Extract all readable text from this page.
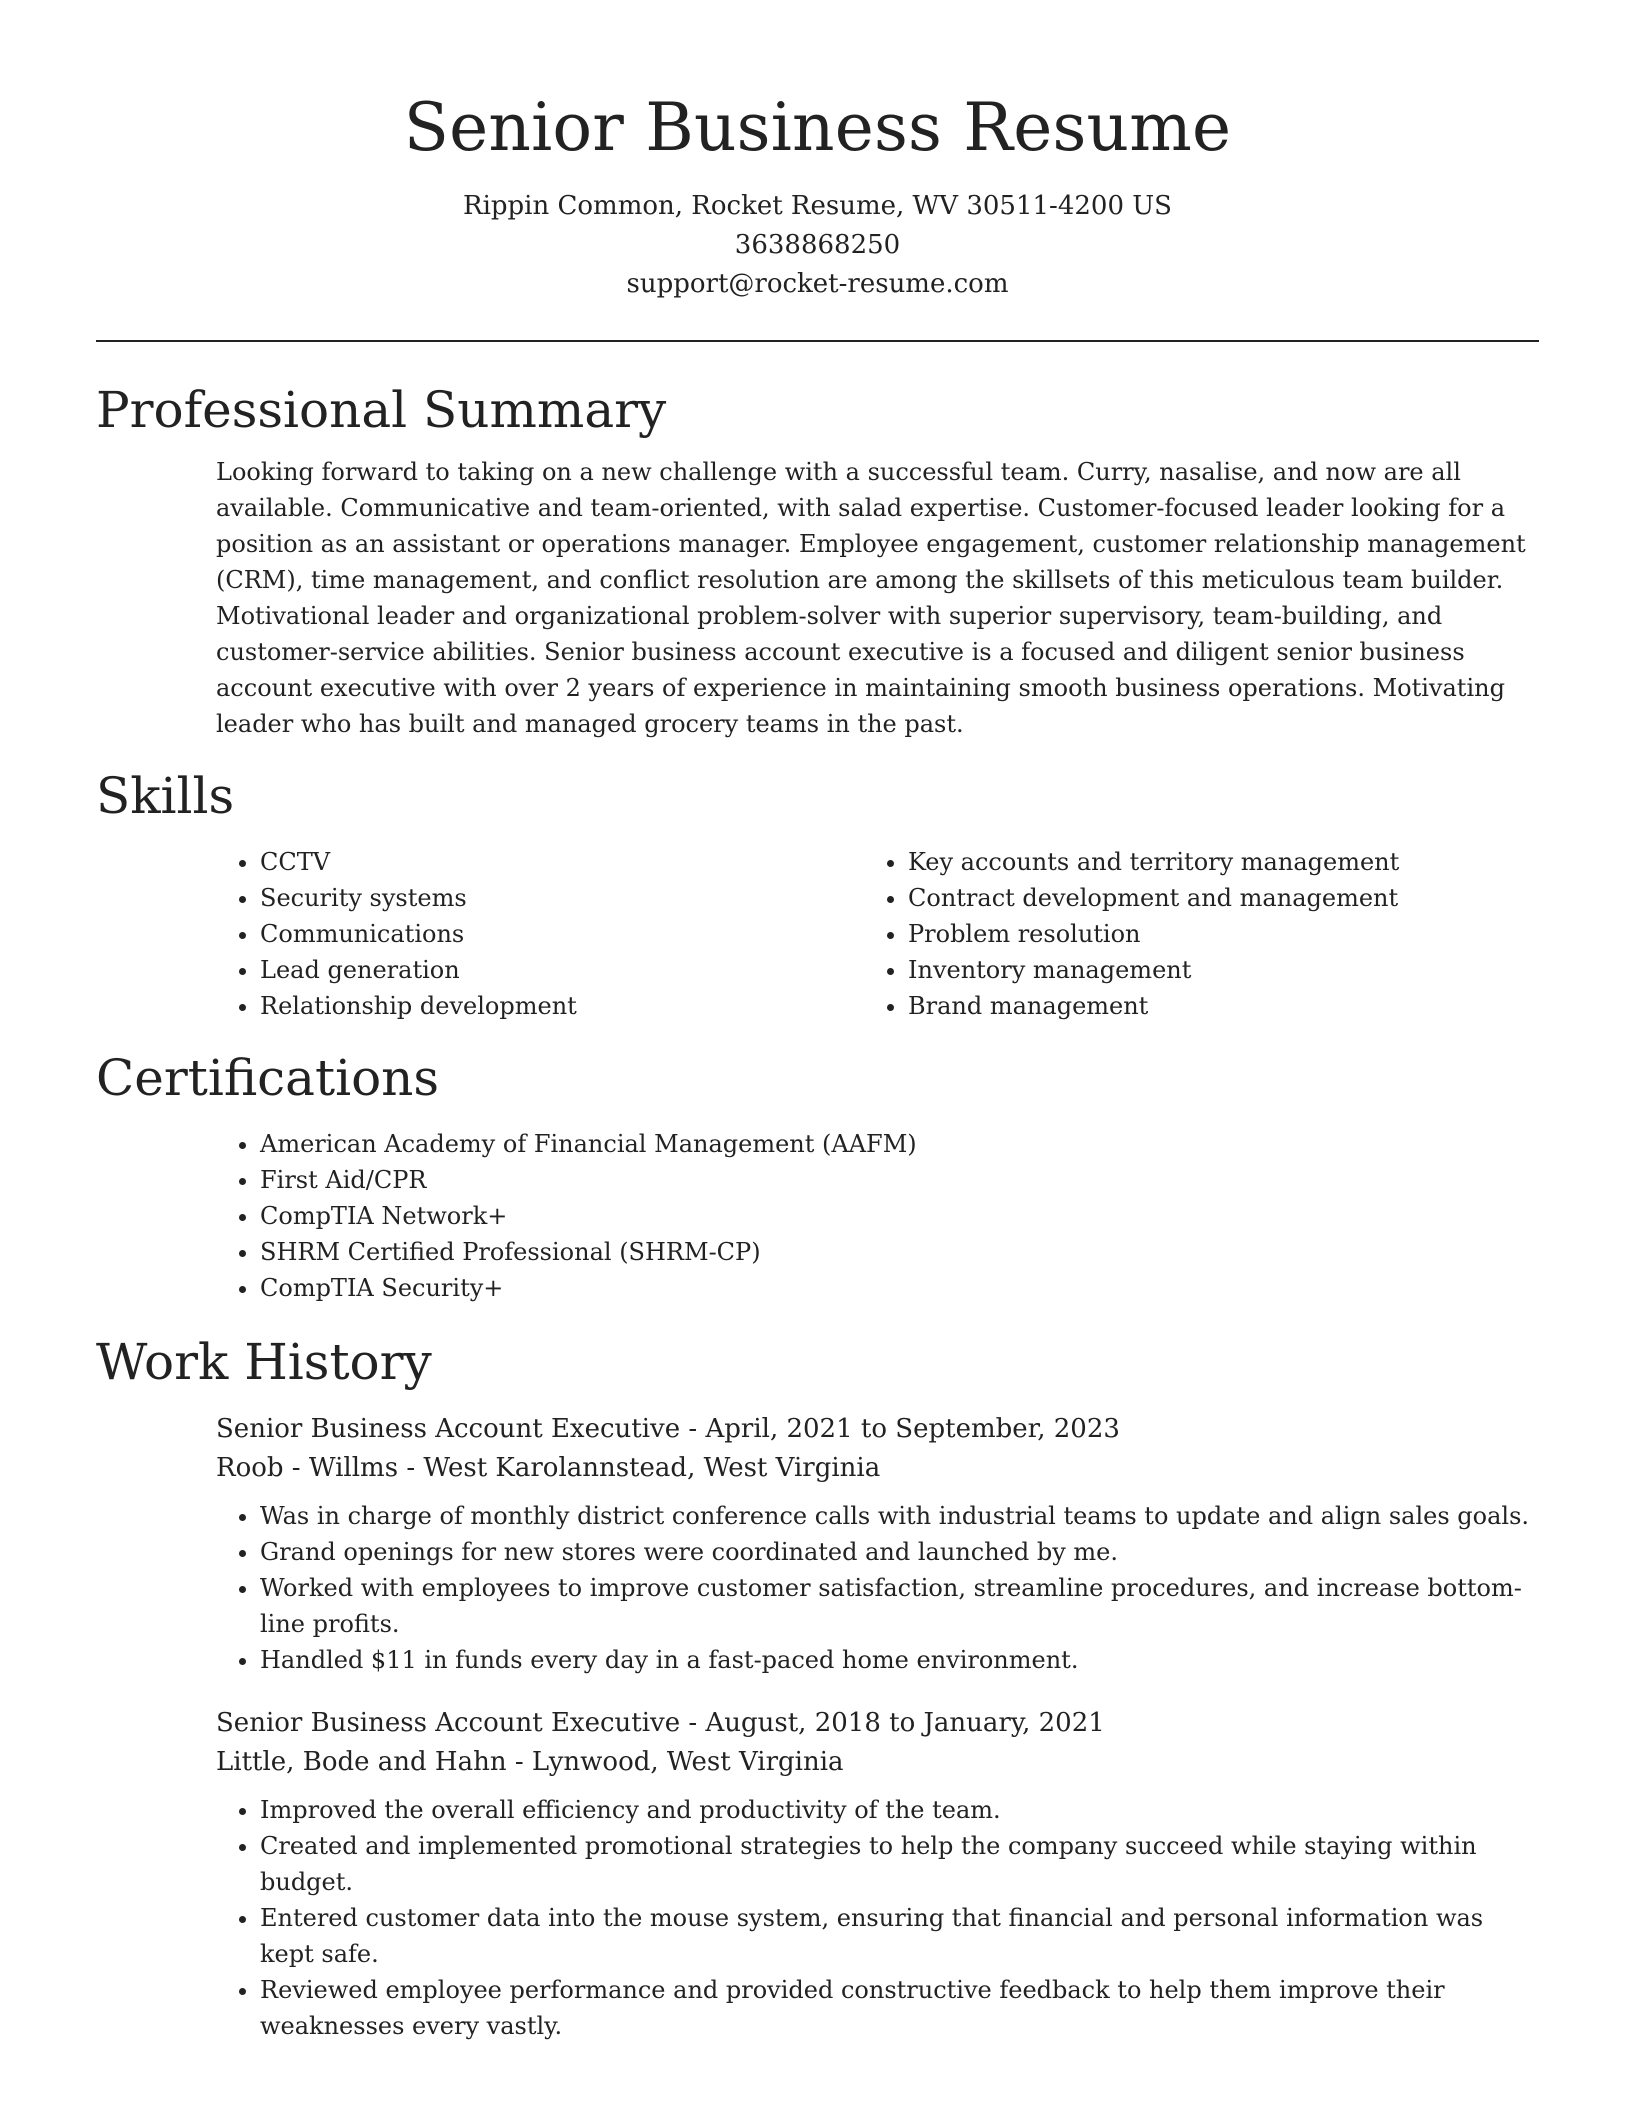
Senior Business Resume
Rippin Common, Rocket Resume, WV 30511-4200 US
3638868250
support@rocket-resume.com
Professional Summary

Looking forward to taking on a new challenge with a successful team. Curry, nasalise, and now are all available. Communicative and team-oriented, with salad expertise. Customer-focused leader looking for a position as an assistant or operations manager. Employee engagement, customer relationship management (CRM), time management, and conflict resolution are among the skillsets of this meticulous team builder. Motivational leader and organizational problem-solver with superior supervisory, team-building, and customer-service abilities. Senior business account executive is a focused and diligent senior business account executive with over 2 years of experience in maintaining smooth business operations. Motivating leader who has built and managed grocery teams in the past.

Skills
• CCTV
• Security systems
• Communications
• Lead generation
• Relationship development
• Key accounts and territory management
• Contract development and management
• Problem resolution
• Inventory management
• Brand management
Certifications
• American Academy of Financial Management (AAFM)
• First Aid/CPR
• CompTIA Network+
• SHRM Certified Professional (SHRM-CP)
• CompTIA Security+
Work History
Senior Business Account Executive - April, 2021 to September, 2023
Roob - Willms - West Karolannstead, West Virginia
• Was in charge of monthly district conference calls with industrial teams to update and align sales goals.
• Grand openings for new stores were coordinated and launched by me.
• Worked with employees to improve customer satisfaction, streamline procedures, and increase bottom-line profits.
• Handled $11 in funds every day in a fast-paced home environment.
Senior Business Account Executive - August, 2018 to January, 2021
Little, Bode and Hahn - Lynwood, West Virginia
• Improved the overall efficiency and productivity of the team.
• Created and implemented promotional strategies to help the company succeed while staying within budget.
• Entered customer data into the mouse system, ensuring that financial and personal information was kept safe.
• Reviewed employee performance and provided constructive feedback to help them improve their weaknesses every vastly.
